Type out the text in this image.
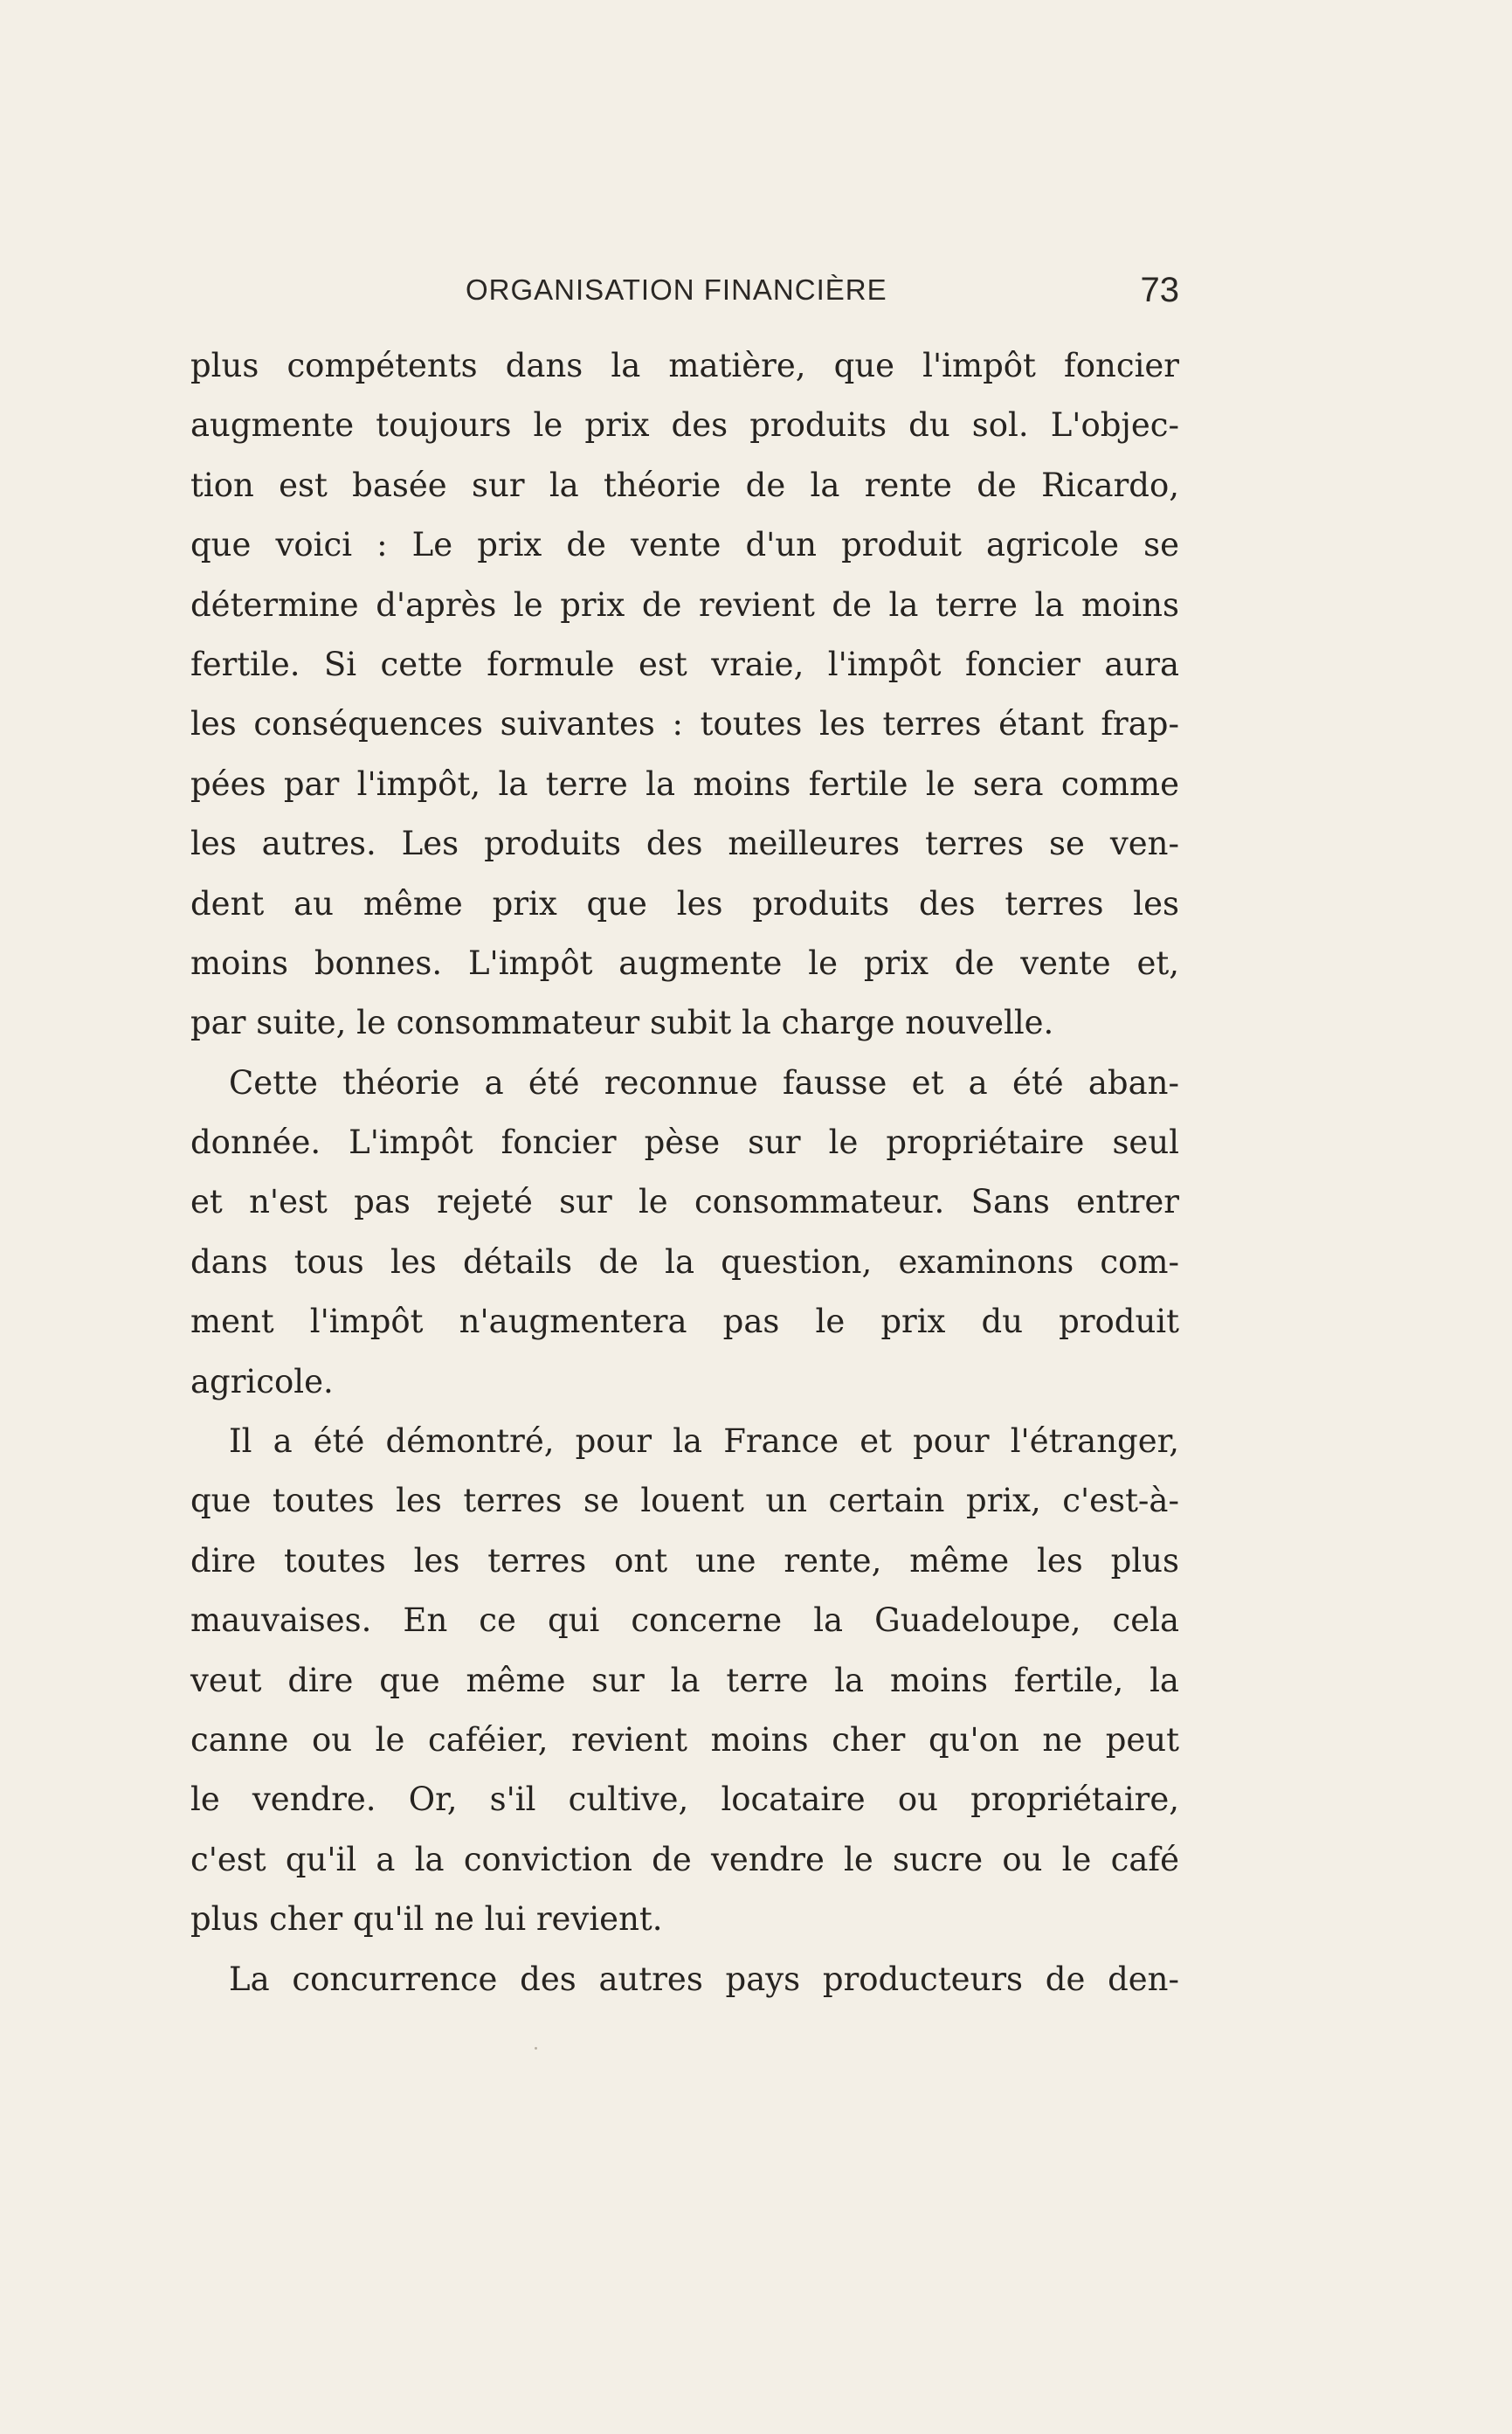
ORGANISATION FINANCIÈRE	73
plus compétents dans la matière, que l'impôt foncier
augmente toujours le prix des produits du sol. L'objec-
tion est basée sur la théorie de la rente de Ricardo,
que voici : Le prix de vente d'un produit agricole se
détermine d'après le prix de revient de la terre la moins
fertile. Si cette formule est vraie, l'impôt foncier aura
les conséquences suivantes : toutes les terres étant frap-
pées par l'impôt, la terre la moins fertile le sera comme
les autres. Les produits des meilleures terres se ven-
dent au même prix que les produits des terres les
moins bonnes. L'impôt augmente le prix de vente et,
par suite, le consommateur subit la charge nouvelle.
Cette théorie a été reconnue fausse et a été aban-
donnée. L'impôt foncier pèse sur le propriétaire seul
et n'est pas rejeté sur le consommateur. Sans entrer
dans tous les détails de la question, examinons com-
ment l'impôt n'augmentera pas le prix du produit
agricole.
Il a été démontré, pour la France et pour l'étranger,
que toutes les terres se louent un certain prix, c'est-à-
dire toutes les terres ont une rente, même les plus
mauvaises. En ce qui concerne la Guadeloupe, cela
veut dire que même sur la terre la moins fertile, la
canne ou le caféier, revient moins cher qu'on ne peut
le vendre. Or, s'il cultive, locataire ou propriétaire,
c'est qu'il a la conviction de vendre le sucre ou le café
plus cher qu'il ne lui revient.
La concurrence des autres pays producteurs de den-
